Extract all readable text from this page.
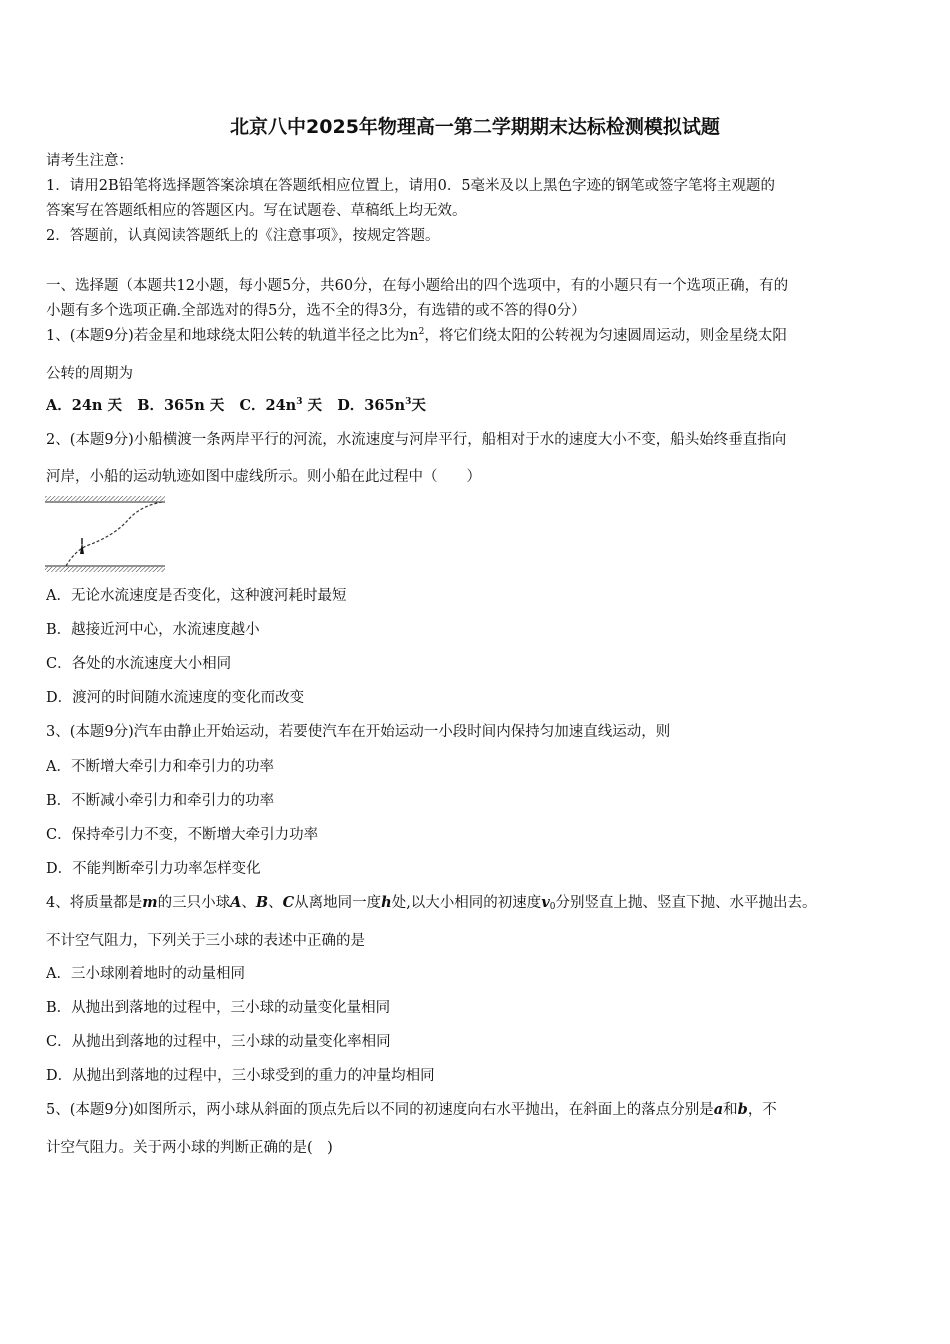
北京八中2025年物理高一第二学期期末达标检测模拟试题
请考生注意：
1．请用2B铅笔将选择题答案涂填在答题纸相应位置上，请用0．5毫米及以上黑色字迹的钢笔或签字笔将主观题的
答案写在答题纸相应的答题区内。写在试题卷、草稿纸上均无效。
2．答题前，认真阅读答题纸上的《注意事项》，按规定答题。
一、选择题（本题共12小题，每小题5分，共60分，在每小题给出的四个选项中，有的小题只有一个选项正确，有的
小题有多个选项正确.全部选对的得5分，选不全的得3分，有选错的或不答的得0分）
1、(本题9分)若金星和地球绕太阳公转的轨道半径之比为$n^2$，将它们绕太阳的公转视为匀速圆周运动，则金星绕太阳
公转的周期为
A．24n 天 B．365n 天 C．$24n^3$ 天 D．$365n^3$天
2、(本题9分)小船横渡一条两岸平行的河流，水流速度与河岸平行，船相对于水的速度大小不变，船头始终垂直指向
河岸，小船的运动轨迹如图中虚线所示。则小船在此过程中（　　）
A．无论水流速度是否变化，这种渡河耗时最短
B．越接近河中心，水流速度越小
C．各处的水流速度大小相同
D．渡河的时间随水流速度的变化而改变
3、(本题9分)汽车由静止开始运动，若要使汽车在开始运动一小段时间内保持匀加速直线运动，则
A．不断增大牵引力和牵引力的功率
B．不断减小牵引力和牵引力的功率
C．保持牵引力不变，不断增大牵引力功率
D．不能判断牵引力功率怎样变化
4、将质量都是m的三只小球A、B、C从离地同一度h处,以大小相同的初速度$v_0$分别竖直上抛、竖直下抛、水平抛出去。
不计空气阻力，下列关于三小球的表述中正确的是
A．三小球刚着地时的动量相同
B．从抛出到落地的过程中，三小球的动量变化量相同
C．从抛出到落地的过程中，三小球的动量变化率相同
D．从抛出到落地的过程中，三小球受到的重力的冲量均相同
5、(本题9分)如图所示，两小球从斜面的顶点先后以不同的初速度向右水平抛出，在斜面上的落点分别是a和b，不
计空气阻力。关于两小球的判断正确的是(　)
